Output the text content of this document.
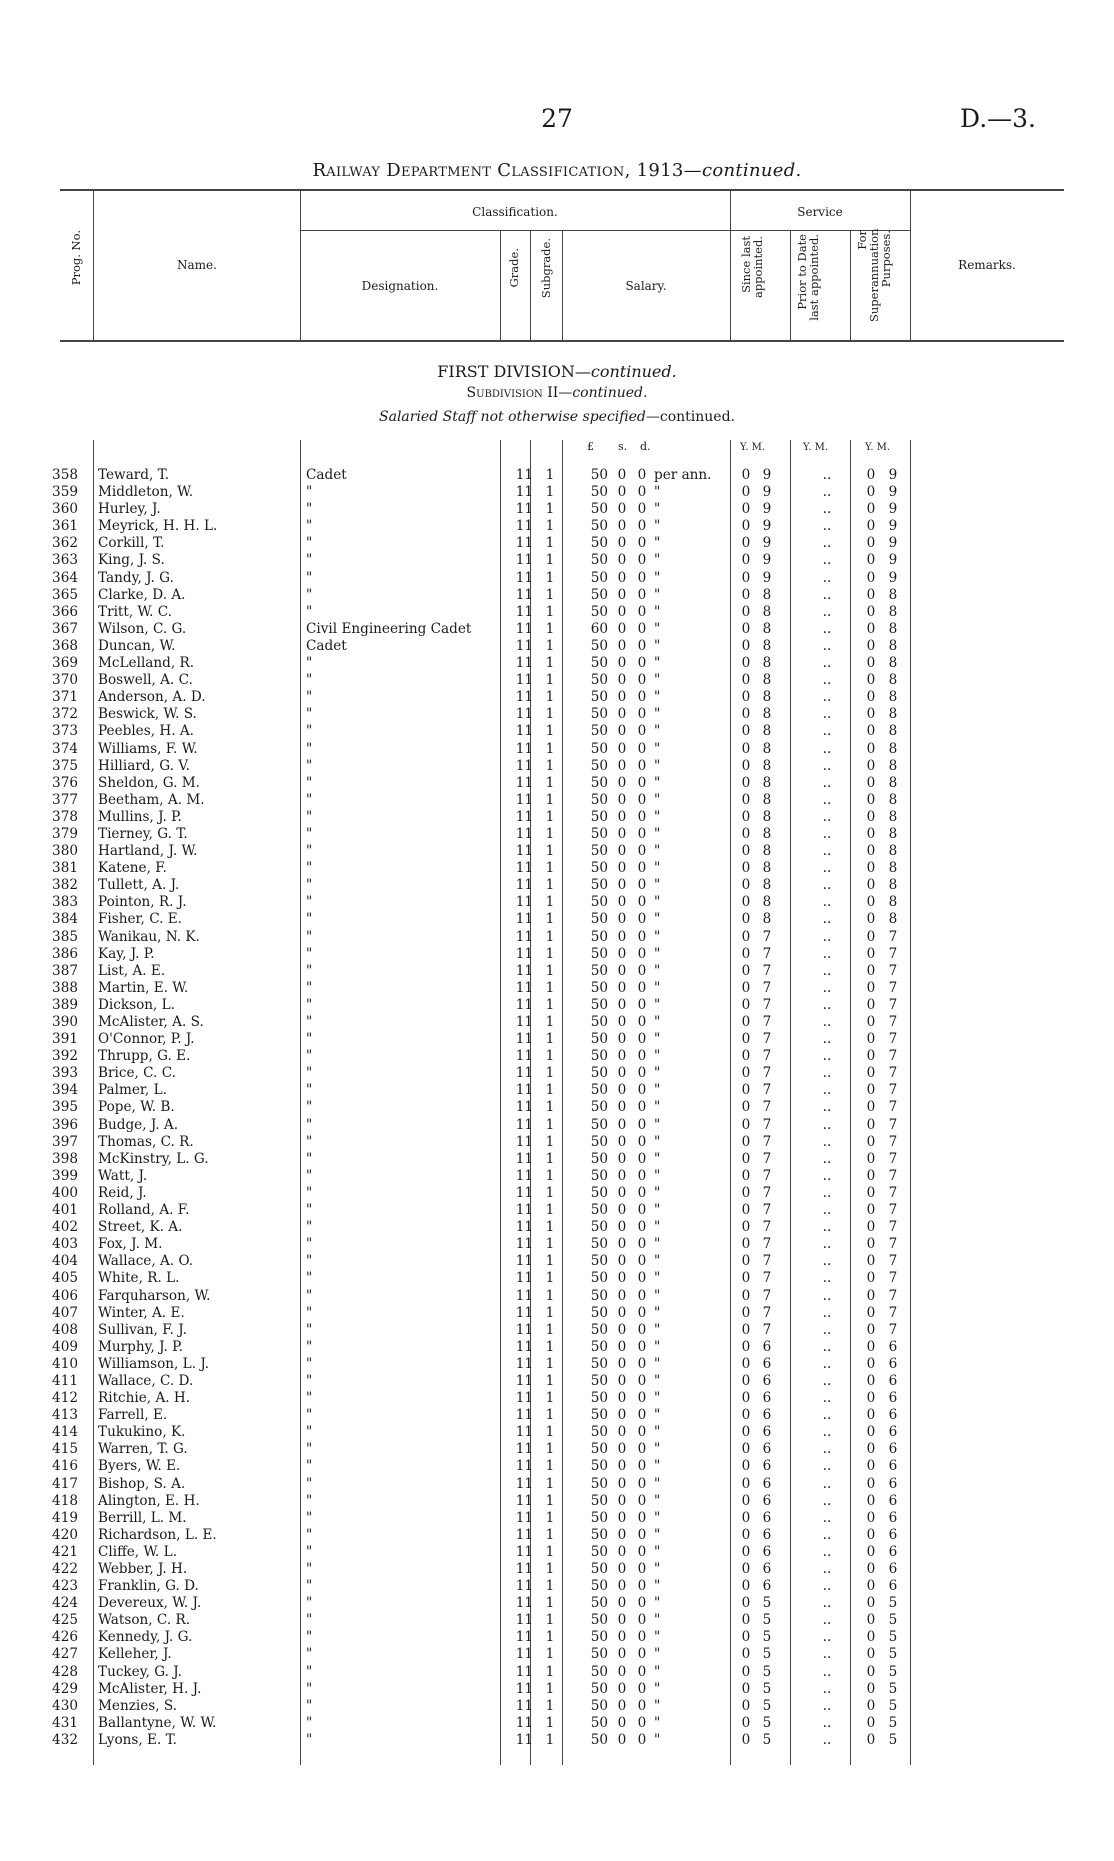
27	D.—3.
Railway Department Classification, 1913—continued.
Prog. No.	Name.
Classification.
Designation.	Grade. Subgrade.	Salary.
Service
Since last appointed.	Prior to Date last appointed.	For Superannuation Purposes.	Remarks.
FIRST DIVISION—continued.
Subdivision II—continued.
Salaried Staff not otherwise specified—continued.
£ s. d.	Y. M.	Y. M.	Y. M.
358 Teward, T.	Cadet	11 1	50 0 0 per ann.	0 9	..	0 9
359 Middleton, W.	"	11 1	50 0 0 "	0 9	..	0 9
360 Hurley, J.	"	11 1	50 0 0 "	0 9	..	0 9
361 Meyrick, H. H. L.	"	11 1	50 0 0 "	0 9	..	0 9
362 Corkill, T.	"	11 1	50 0 0 "	0 9	..	0 9
363 King, J. S.	"	11 1	50 0 0 "	0 9	..	0 9
364 Tandy, J. G.	"	11 1	50 0 0 "	0 9	..	0 9
365 Clarke, D. A.	"	11 1	50 0 0 "	0 8	..	0 8
366 Tritt, W. C.	"	11 1	50 0 0 "	0 8	..	0 8
367 Wilson, C. G.	Civil Engineering Cadet	11 1	60 0 0 "	0 8	..	0 8
368 Duncan, W.	Cadet	11 1	50 0 0 "	0 8	..	0 8
369 McLelland, R.	"	11 1	50 0 0 "	0 8	..	0 8
370 Boswell, A. C.	"	11 1	50 0 0 "	0 8	..	0 8
371 Anderson, A. D.	"	11 1	50 0 0 "	0 8	..	0 8
372 Beswick, W. S.	"	11 1	50 0 0 "	0 8	..	0 8
373 Peebles, H. A.	"	11 1	50 0 0 "	0 8	..	0 8
374 Williams, F. W.	"	11 1	50 0 0 "	0 8	..	0 8
375 Hilliard, G. V.	"	11 1	50 0 0 "	0 8	..	0 8
376 Sheldon, G. M.	"	11 1	50 0 0 "	0 8	..	0 8
377 Beetham, A. M.	"	11 1	50 0 0 "	0 8	..	0 8
378 Mullins, J. P.	"	11 1	50 0 0 "	0 8	..	0 8
379 Tierney, G. T.	"	11 1	50 0 0 "	0 8	..	0 8
380 Hartland, J. W.	"	11 1	50 0 0 "	0 8	..	0 8
381 Katene, F.	"	11 1	50 0 0 "	0 8	..	0 8
382 Tullett, A. J.	"	11 1	50 0 0 "	0 8	..	0 8
383 Pointon, R. J.	"	11 1	50 0 0 "	0 8	..	0 8
384 Fisher, C. E.	"	11 1	50 0 0 "	0 8	..	0 8
385 Wanikau, N. K.	"	11 1	50 0 0 "	0 7	..	0 7
386 Kay, J. P.	"	11 1	50 0 0 "	0 7	..	0 7
387 List, A. E.	"	11 1	50 0 0 "	0 7	..	0 7
388 Martin, E. W.	"	11 1	50 0 0 "	0 7	..	0 7
389 Dickson, L.	"	11 1	50 0 0 "	0 7	..	0 7
390 McAlister, A. S.	"	11 1	50 0 0 "	0 7	..	0 7
391 O'Connor, P. J.	"	11 1	50 0 0 "	0 7	..	0 7
392 Thrupp, G. E.	"	11 1	50 0 0 "	0 7	..	0 7
393 Brice, C. C.	"	11 1	50 0 0 "	0 7	..	0 7
394 Palmer, L.	"	11 1	50 0 0 "	0 7	..	0 7
395 Pope, W. B.	"	11 1	50 0 0 "	0 7	..	0 7
396 Budge, J. A.	"	11 1	50 0 0 "	0 7	..	0 7
397 Thomas, C. R.	"	11 1	50 0 0 "	0 7	..	0 7
398 McKinstry, L. G.	"	11 1	50 0 0 "	0 7	..	0 7
399 Watt, J.	"	11 1	50 0 0 "	0 7	..	0 7
400 Reid, J.	"	11 1	50 0 0 "	0 7	..	0 7
401 Rolland, A. F.	"	11 1	50 0 0 "	0 7	..	0 7
402 Street, K. A.	"	11 1	50 0 0 "	0 7	..	0 7
403 Fox, J. M.	"	11 1	50 0 0 "	0 7	..	0 7
404 Wallace, A. O.	"	11 1	50 0 0 "	0 7	..	0 7
405 White, R. L.	"	11 1	50 0 0 "	0 7	..	0 7
406 Farquharson, W.	"	11 1	50 0 0 "	0 7	..	0 7
407 Winter, A. E.	"	11 1	50 0 0 "	0 7	..	0 7
408 Sullivan, F. J.	"	11 1	50 0 0 "	0 7	..	0 7
409 Murphy, J. P.	"	11 1	50 0 0 "	0 6	..	0 6
410 Williamson, L. J.	"	11 1	50 0 0 "	0 6	..	0 6
411 Wallace, C. D.	"	11 1	50 0 0 "	0 6	..	0 6
412 Ritchie, A. H.	"	11 1	50 0 0 "	0 6	..	0 6
413 Farrell, E.	"	11 1	50 0 0 "	0 6	..	0 6
414 Tukukino, K.	"	11 1	50 0 0 "	0 6	..	0 6
415 Warren, T. G.	"	11 1	50 0 0 "	0 6	..	0 6
416 Byers, W. E.	"	11 1	50 0 0 "	0 6	..	0 6
417 Bishop, S. A.	"	11 1	50 0 0 "	0 6	..	0 6
418 Alington, E. H.	"	11 1	50 0 0 "	0 6	..	0 6
419 Berrill, L. M.	"	11 1	50 0 0 "	0 6	..	0 6
420 Richardson, L. E.	"	11 1	50 0 0 "	0 6	..	0 6
421 Cliffe, W. L.	"	11 1	50 0 0 "	0 6	..	0 6
422 Webber, J. H.	"	11 1	50 0 0 "	0 6	..	0 6
423 Franklin, G. D.	"	11 1	50 0 0 "	0 6	..	0 6
424 Devereux, W. J.	"	11 1	50 0 0 "	0 5	..	0 5
425 Watson, C. R.	"	11 1	50 0 0 "	0 5	..	0 5
426 Kennedy, J. G.	"	11 1	50 0 0 "	0 5	..	0 5
427 Kelleher, J.	"	11 1	50 0 0 "	0 5	..	0 5
428 Tuckey, G. J.	"	11 1	50 0 0 "	0 5	..	0 5
429 McAlister, H. J.	"	11 1	50 0 0 "	0 5	..	0 5
430 Menzies, S.	"	11 1	50 0 0 "	0 5	..	0 5
431 Ballantyne, W. W.	"	11 1	50 0 0 "	0 5	..	0 5
432 Lyons, E. T.	"	11 1	50 0 0 "	0 5	..	0 5
